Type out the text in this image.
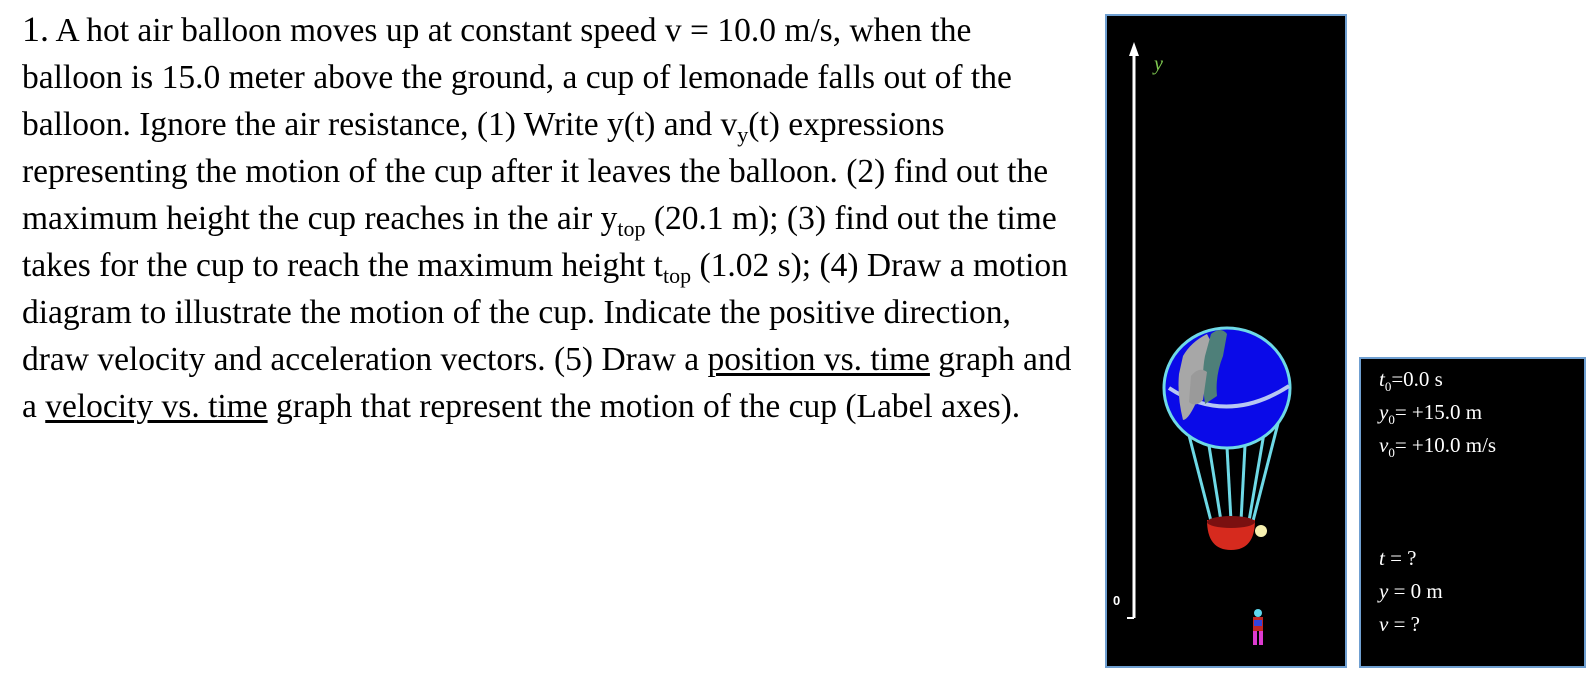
1. A hot air balloon moves up at constant speed v = 10.0 m/s, when the balloon is 15.0 meter above the ground, a cup of lemonade falls out of the balloon. Ignore the air resistance, (1) Write y(t) and $v_y(t)$ expressions representing the motion of the cup after it leaves the balloon. (2) find out the maximum height the cup reaches in the air $y_{top}$ (20.1 m); (3) find out the time takes for the cup to reach the maximum height $t_{top}$ (1.02 s); (4) Draw a motion diagram to illustrate the motion of the cup. Indicate the positive direction, draw velocity and acceleration vectors. (5) Draw a position vs. time graph and a velocity vs. time graph that represent the motion of the cup (Label axes).
y
0
$t_0=0.0$ s
$y_0= +15.0$ m
$v_0= +10.0$ m/s
t = ?
y = 0 m
v = ?
